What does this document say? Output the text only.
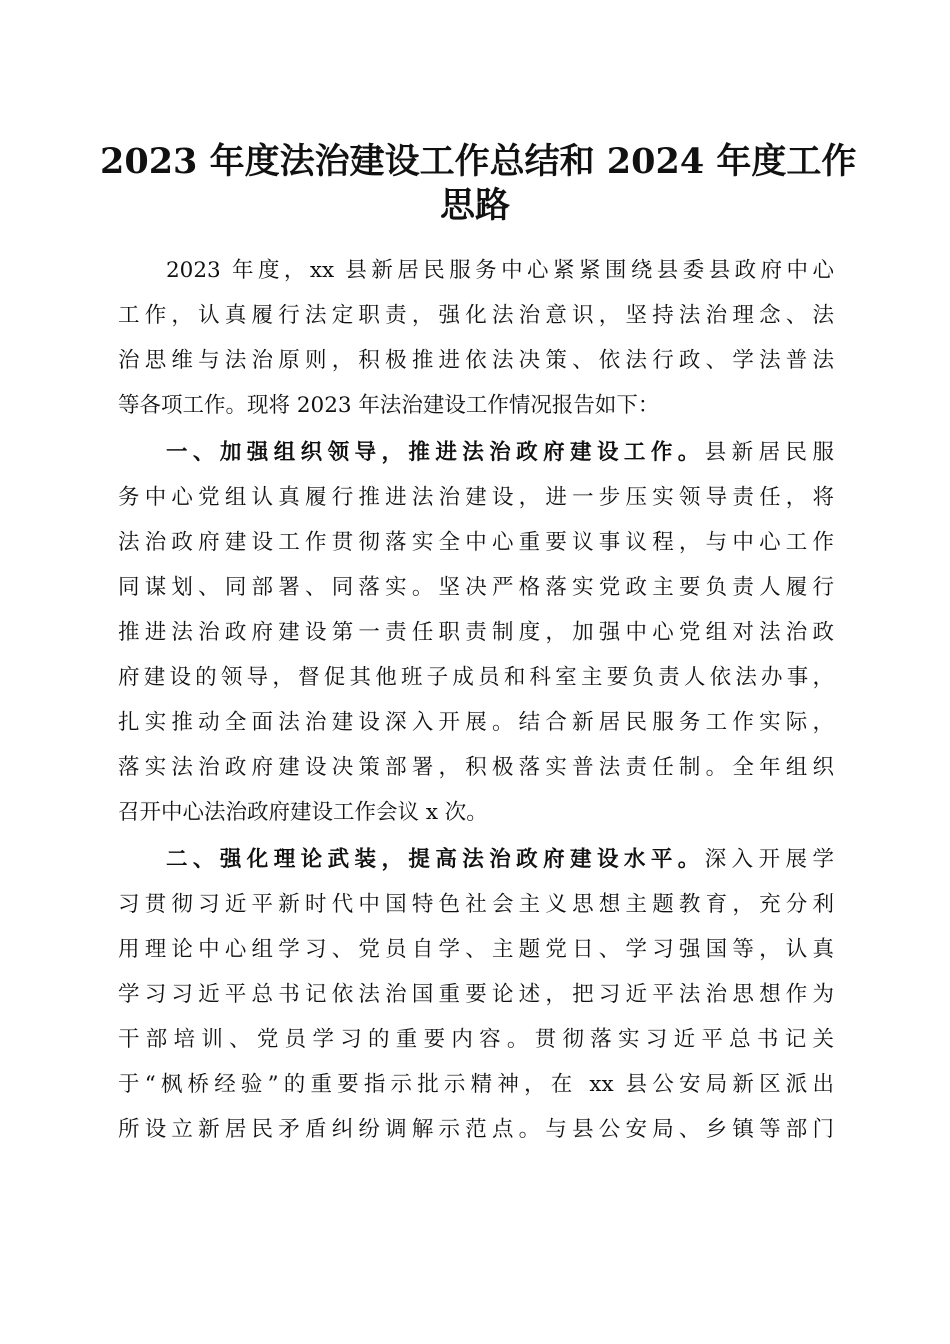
2023 年度法治建设工作总结和 2024 年度工作
思路

2023 年度，xx 县新居民服务中心紧紧围绕县委县政府中心

工作，认真履行法定职责，强化法治意识，坚持法治理念、法

治思维与法治原则，积极推进依法决策、依法行政、学法普法

等各项工作。现将 2023 年法治建设工作情况报告如下：

一、加强组织领导，推进法治政府建设工作。县新居民服

务中心党组认真履行推进法治建设，进一步压实领导责任，将

法治政府建设工作贯彻落实全中心重要议事议程，与中心工作

同谋划、同部署、同落实。坚决严格落实党政主要负责人履行

推进法治政府建设第一责任职责制度，加强中心党组对法治政

府建设的领导，督促其他班子成员和科室主要负责人依法办事，

扎实推动全面法治建设深入开展。结合新居民服务工作实际，

落实法治政府建设决策部署，积极落实普法责任制。全年组织

召开中心法治政府建设工作会议 x 次。

二、强化理论武装，提高法治政府建设水平。深入开展学

习贯彻习近平新时代中国特色社会主义思想主题教育，充分利

用理论中心组学习、党员自学、主题党日、学习强国等，认真

学习习近平总书记依法治国重要论述，把习近平法治思想作为

干部培训、党员学习的重要内容。贯彻落实习近平总书记关

于“枫桥经验”的重要指示批示精神，在 xx 县公安局新区派出

所设立新居民矛盾纠纷调解示范点。与县公安局、乡镇等部门
